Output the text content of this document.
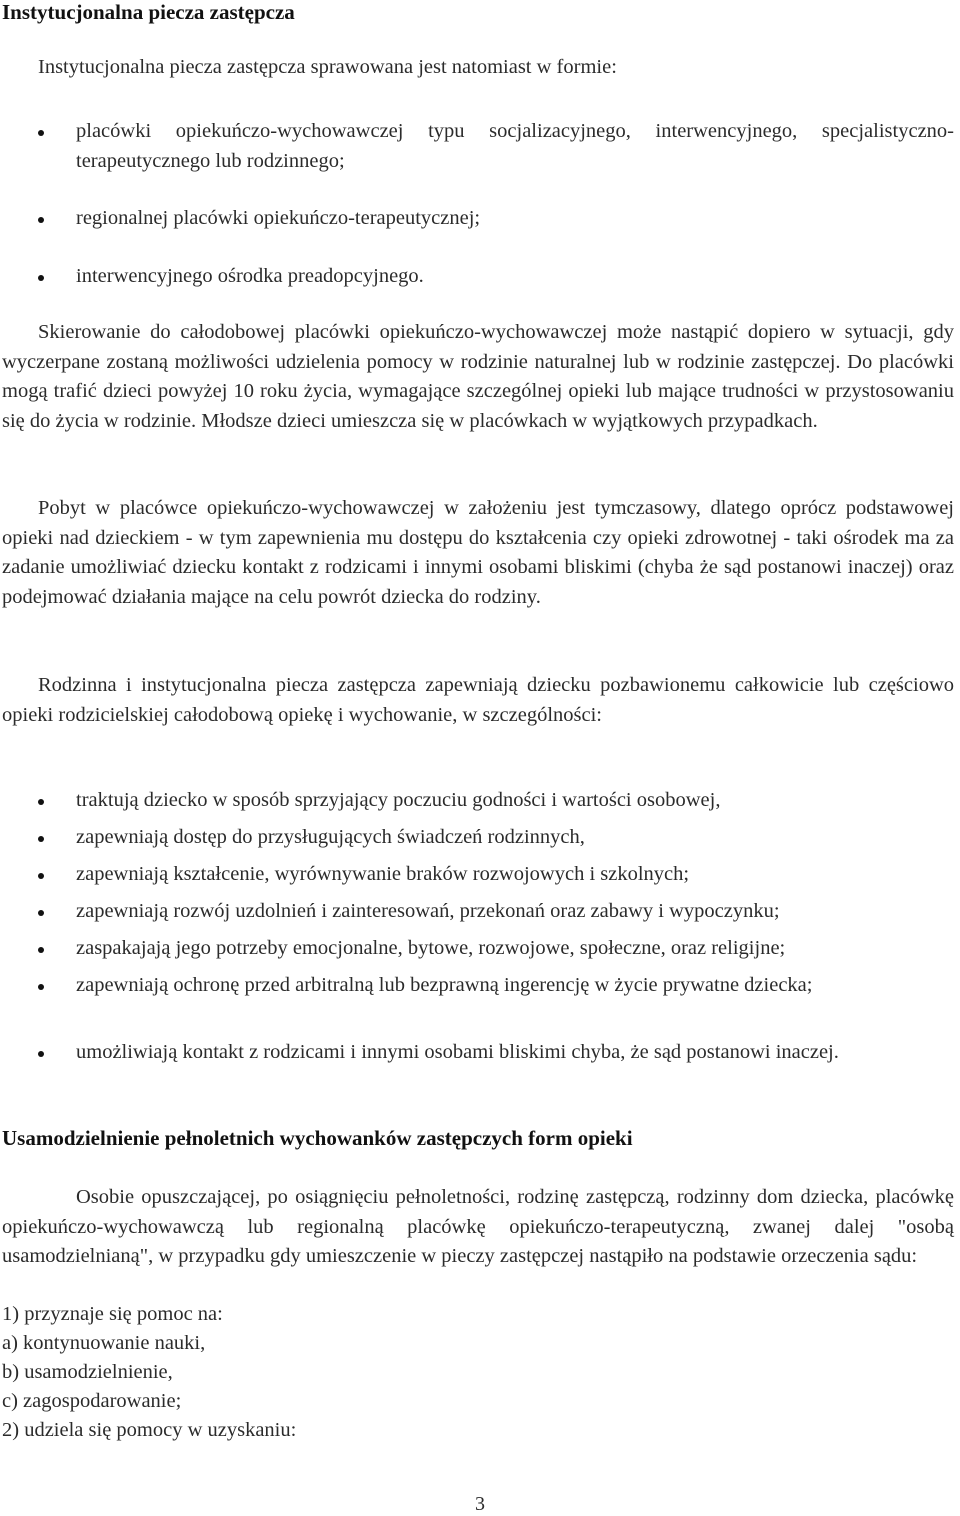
Instytucjonalna piecza zastępcza

Instytucjonalna piecza zastępcza sprawowana jest natomiast w formie:

placówki opiekuńczo-wychowawczej typu socjalizacyjnego, interwencyjnego, specjalistyczno-terapeutycznego lub rodzinnego;
regionalnej placówki opiekuńczo-terapeutycznej;
interwencyjnego ośrodka preadopcyjnego.

Skierowanie do całodobowej placówki opiekuńczo-wychowawczej może nastąpić dopiero w sytuacji, gdy wyczerpane zostaną możliwości udzielenia pomocy w rodzinie naturalnej lub w rodzinie zastępczej. Do placówki mogą trafić dzieci powyżej 10 roku życia, wymagające szczególnej opieki lub mające trudności w przystosowaniu się do życia w rodzinie. Młodsze dzieci umieszcza się w placówkach w wyjątkowych przypadkach.

Pobyt w placówce opiekuńczo-wychowawczej w założeniu jest tymczasowy, dlatego oprócz podstawowej opieki nad dzieckiem - w tym zapewnienia mu dostępu do kształcenia czy opieki zdrowotnej - taki ośrodek ma za zadanie umożliwiać dziecku kontakt z rodzicami i innymi osobami bliskimi (chyba że sąd postanowi inaczej) oraz podejmować działania mające na celu powrót dziecka do rodziny.

Rodzinna i instytucjonalna piecza zastępcza zapewniają dziecku pozbawionemu całkowicie lub częściowo opieki rodzicielskiej całodobową opiekę i wychowanie, w szczególności:

traktują dziecko w sposób sprzyjający poczuciu godności i wartości osobowej,
zapewniają dostęp do przysługujących świadczeń rodzinnych,
zapewniają kształcenie, wyrównywanie braków rozwojowych i szkolnych;
zapewniają rozwój uzdolnień i zainteresowań, przekonań oraz zabawy i wypoczynku;
zaspakajają jego potrzeby emocjonalne, bytowe, rozwojowe, społeczne, oraz religijne;
zapewniają ochronę przed arbitralną lub bezprawną ingerencję w życie prywatne dziecka;
umożliwiają kontakt z rodzicami i innymi osobami bliskimi chyba, że sąd postanowi inaczej.
Usamodzielnienie pełnoletnich wychowanków zastępczych form opieki

Osobie opuszczającej, po osiągnięciu pełnoletności, rodzinę zastępczą, rodzinny dom dziecka, placówkę opiekuńczo-wychowawczą lub regionalną placówkę opiekuńczo-terapeutyczną, zwanej dalej "osobą usamodzielnianą", w przypadku gdy umieszczenie w pieczy zastępczej nastąpiło na podstawie orzeczenia sądu:

1) przyznaje się pomoc na:
a) kontynuowanie nauki,
b) usamodzielnienie,
c) zagospodarowanie;
2) udziela się pomocy w uzyskaniu:
3
